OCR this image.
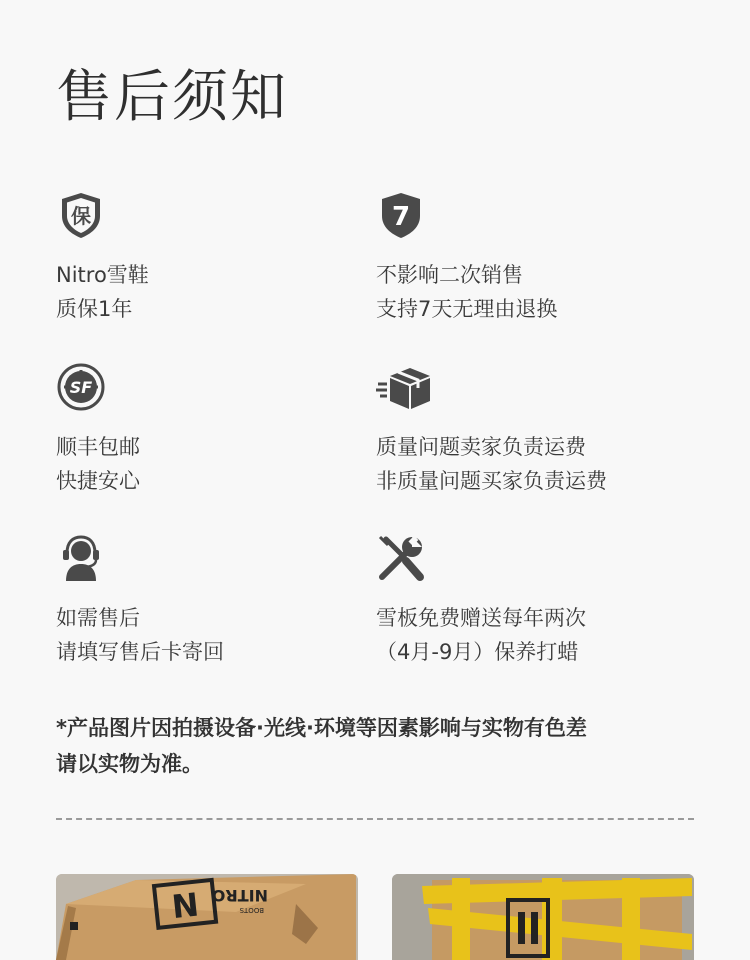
售后须知
保
Nitro雪鞋
质保1年
7
不影响二次销售
支持7天无理由退换
SF
顺丰包邮
快捷安心
质量问题卖家负责运费
非质量问题买家负责运费
如需售后
请填写售后卡寄回
雪板免费赠送每年两次
（4月-9月）保养打蜡
*产品图片因拍摄设备·光线·环境等因素影响与实物有色差
请以实物为准。
N NITRO
BOOTS
